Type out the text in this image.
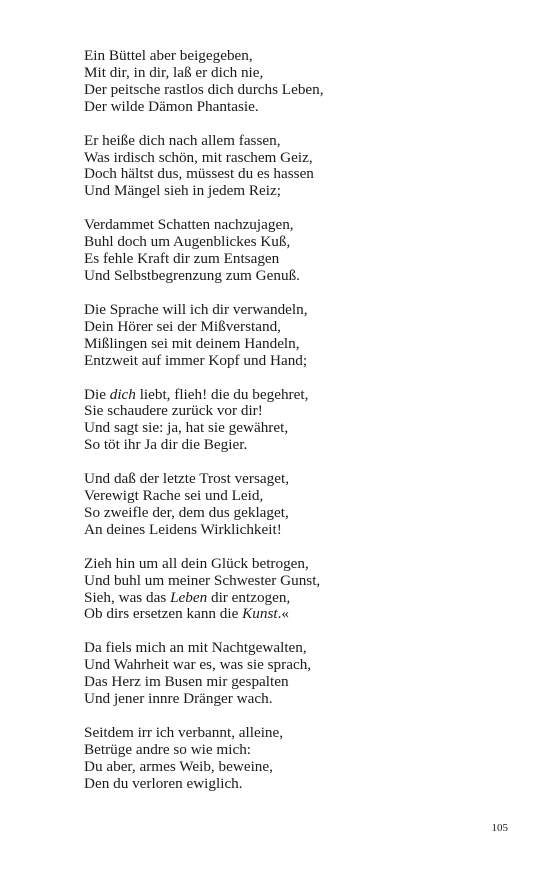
Ein Büttel aber beigegeben,
Mit dir, in dir, laß er dich nie,
Der peitsche rastlos dich durchs Leben,
Der wilde Dämon Phantasie.
Er heiße dich nach allem fassen,
Was irdisch schön, mit raschem Geiz,
Doch hältst dus, müssest du es hassen
Und Mängel sieh in jedem Reiz;
Verdammet Schatten nachzujagen,
Buhl doch um Augenblickes Kuß,
Es fehle Kraft dir zum Entsagen
Und Selbstbegrenzung zum Genuß.
Die Sprache will ich dir verwandeln,
Dein Hörer sei der Mißverstand,
Mißlingen sei mit deinem Handeln,
Entzweit auf immer Kopf und Hand;
Die dich liebt, flieh! die du begehret,
Sie schaudere zurück vor dir!
Und sagt sie: ja, hat sie gewähret,
So töt ihr Ja dir die Begier.
Und daß der letzte Trost versaget,
Verewigt Rache sei und Leid,
So zweifle der, dem dus geklaget,
An deines Leidens Wirklichkeit!
Zieh hin um all dein Glück betrogen,
Und buhl um meiner Schwester Gunst,
Sieh, was das Leben dir entzogen,
Ob dirs ersetzen kann die Kunst.«
Da fiels mich an mit Nachtgewalten,
Und Wahrheit war es, was sie sprach,
Das Herz im Busen mir gespalten
Und jener innre Dränger wach.
Seitdem irr ich verbannt, alleine,
Betrüge andre so wie mich:
Du aber, armes Weib, beweine,
Den du verloren ewiglich.
105
